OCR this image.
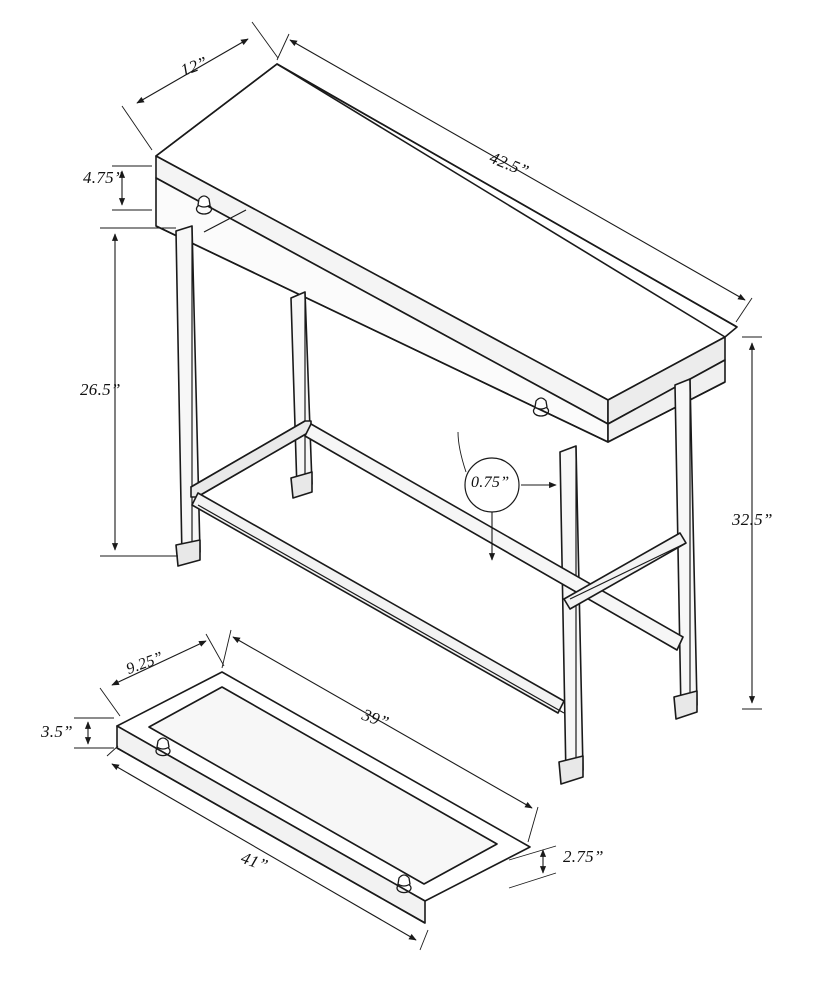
12”
42.5”
4.75”
26.5”
32.5”
0.75”
9.25”
3.5”	39”
41”	2.75”
